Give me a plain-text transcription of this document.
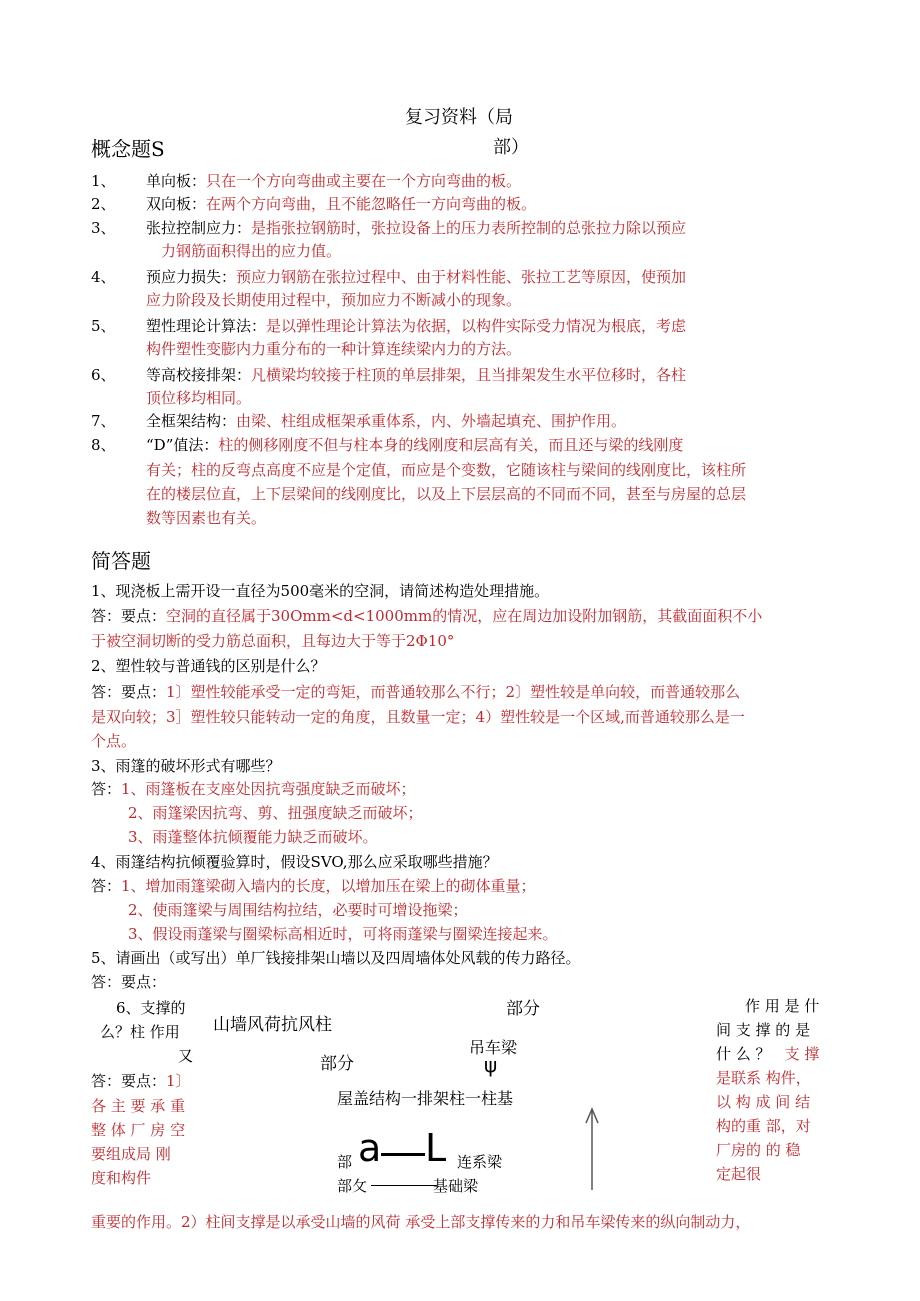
复习资料（局
概念题S	部）
1、 单向板：只在一个方向弯曲或主要在一个方向弯曲的板。
2、 双向板：在两个方向弯曲，且不能忽略任一方向弯曲的板。
3、 张拉控制应力：是指张拉钢筋时，张拉设备上的压力表所控制的总张拉力除以预应
力钢筋面积得出的应力值。
4、 预应力损失：预应力钢筋在张拉过程中、由于材料性能、张拉工艺等原因，使预加
应力阶段及长期使用过程中，预加应力不断减小的现象。
5、 塑性理论计算法：是以弹性理论计算法为依据，以构件实际受力情况为根底，考虑
构件塑性变膨内力重分布的一种计算连续梁内力的方法。
6、 等高校接排架：凡横梁均较接于柱顶的单层排架，且当排架发生水平位移时，各柱
顶位移均相同。
7、 全框架结构：由梁、柱组成框架承重体系，内、外墙起填充、围护作用。
8、 “D”值法：柱的侧移刚度不但与柱本身的线刚度和层高有关，而且还与梁的线刚度
有关；柱的反弯点高度不应是个定值，而应是个变数，它随该柱与梁间的线刚度比，该柱所
在的楼层位直，上下层梁间的线刚度比，以及上下层层高的不同而不同，甚至与房屋的总层
数等因素也有关。
简答题
1、现浇板上需开设一直径为500毫米的空洞，请简述构造处理措施。
答：要点：空洞的直径属于30Omm<d<1000mm的情况，应在周边加设附加钢筋，其截面面积不小
于被空洞切断的受力筋总面积，且每边大于等于2Φ10°
2、塑性较与普通钱的区别是什么？
答：要点：1〕塑性较能承受一定的弯矩，而普通较那么不行；2〕塑性较是单向较，而普通较那么
是双向较；3］塑性较只能转动一定的角度，且数量一定；4）塑性较是一个区域,而普通较那么是一
个点。
3、雨篷的破坏形式有哪些？
答：1、雨篷板在支座处因抗弯强度缺乏而破坏；
2、雨篷梁因抗弯、剪、扭强度缺乏而破坏；
3、雨蓬整体抗倾覆能力缺乏而破坏。
4、雨篷结构抗倾覆验算时，假设SVO,那么应采取哪些措施？
答：1、增加雨篷梁砌入墙内的长度，以增加压在梁上的砌体重量；
2、使雨篷梁与周围结构拉结，必要时可增设拖梁；
3、假设雨蓬梁与圈梁标高相近时，可将雨蓬梁与圈梁连接起来。
5、请画出（或写出）单厂钱接排架山墙以及四周墙体处风载的传力路径。
答：要点：
6、支撑的
么？柱 作用
又
答：要点：1〕
各 主 要 承 重
整 体 厂 房 空
要组成局 刚
度和构件
部分
山墙风荷抗风柱
吊车梁
ψ
部分
屋盖结构一排架柱一柱基
部 a L 连系梁
部攵	基础梁
作 用 是 什
间 支 撑 的 是
什 么 ？ 支 撑
是联系 构件，
以 构 成 间 结
构的重 部，对
厂房的 的 稳
定起很
重要的作用。2）柱间支撑是以承受山墙的风荷 承受上部支撑传来的力和吊车梁传来的纵向制动力，
